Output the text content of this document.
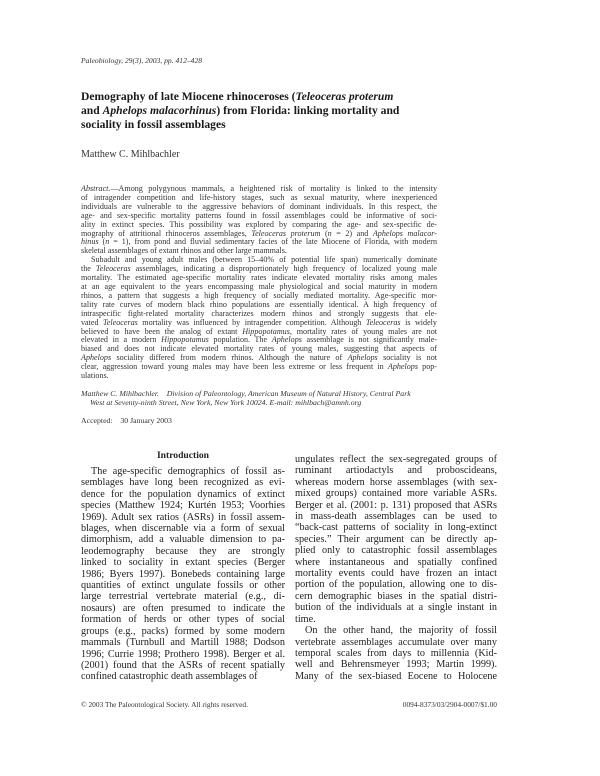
Paleobiology, 29(3), 2003, pp. 412–428
Demography of late Miocene rhinoceroses (Teleoceras proterum
and Aphelops malacorhinus) from Florida: linking mortality and
sociality in fossil assemblages
Matthew C. Mihlbachler
Abstract.—Among polygynous mammals, a heightened risk of mortality is linked to the intensity
of intragender competition and life-history stages, such as sexual maturity, where inexperienced
individuals are vulnerable to the aggressive behaviors of dominant individuals. In this respect, the
age- and sex-specific mortality patterns found in fossil assemblages could be informative of soci-
ality in extinct species. This possibility was explored by comparing the age- and sex-specific de-
mography of attritional rhinoceros assemblages, Teleoceras proterum (n = 2) and Aphelops malacor-
hinus (n = 1), from pond and fluvial sedimentary facies of the late Miocene of Florida, with modern
skeletal assemblages of extant rhinos and other large mammals.
Subadult and young adult males (between 15–40% of potential life span) numerically dominate
the Teleoceras assemblages, indicating a disproportionately high frequency of localized young male
mortality. The estimated age-specific mortality rates indicate elevated mortality risks among males
at an age equivalent to the years encompassing male physiological and social maturity in modern
rhinos, a pattern that suggests a high frequency of socially mediated mortality. Age-specific mor-
tality rate curves of modern black rhino populations are essentially identical. A high frequency of
intraspecific fight-related mortality characterizes modern rhinos and strongly suggests that ele-
vated Teleoceras mortality was influenced by intragender competition. Although Teleoceras is widely
believed to have been the analog of extant Hippopotamus, mortality rates of young males are not
elevated in a modern Hippopotamus population. The Aphelops assemblage is not significantly male-
biased and does not indicate elevated mortality rates of young males, suggesting that aspects of
Aphelops sociality differed from modern rhinos. Although the nature of Aphelops sociality is not
clear, aggression toward young males may have been less extreme or less frequent in Aphelops pop-
ulations.
Matthew C. Mihlbachler.    Division of Paleontology, American Museum of Natural History, Central Park
West at Seventy-ninth Street, New York, New York 10024. E-mail: mihlbach@amnh.org
Accepted:    30 January 2003
Introduction
The age-specific demographics of fossil as-
semblages have long been recognized as evi-
dence for the population dynamics of extinct
species (Matthew 1924; Kurtén 1953; Voorhies
1969). Adult sex ratios (ASRs) in fossil assem-
blages, when discernable via a form of sexual
dimorphism, add a valuable dimension to pa-
leodemography because they are strongly
linked to sociality in extant species (Berger
1986; Byers 1997). Bonebeds containing large
quantities of extinct ungulate fossils or other
large terrestrial vertebrate material (e.g., di-
nosaurs) are often presumed to indicate the
formation of herds or other types of social
groups (e.g., packs) formed by some modern
mammals (Turnbull and Martill 1988; Dodson
1996; Currie 1998; Prothero 1998). Berger et al.
(2001) found that the ASRs of recent spatially
confined catastrophic death assemblages of
ungulates reflect the sex-segregated groups of
ruminant artiodactyls and proboscideans,
whereas modern horse assemblages (with sex-
mixed groups) contained more variable ASRs.
Berger et al. (2001: p. 131) proposed that ASRs
in mass-death assemblages can be used to
“back-cast patterns of sociality in long-extinct
species.” Their argument can be directly ap-
plied only to catastrophic fossil assemblages
where instantaneous and spatially confined
mortality events could have frozen an intact
portion of the population, allowing one to dis-
cern demographic biases in the spatial distri-
bution of the individuals at a single instant in
time.
On the other hand, the majority of fossil
vertebrate assemblages accumulate over many
temporal scales from days to millennia (Kid-
well and Behrensmeyer 1993; Martin 1999).
Many of the sex-biased Eocene to Holocene
© 2003 The Paleontological Society. All rights reserved.	0094-8373/03/2904-0007/$1.00
